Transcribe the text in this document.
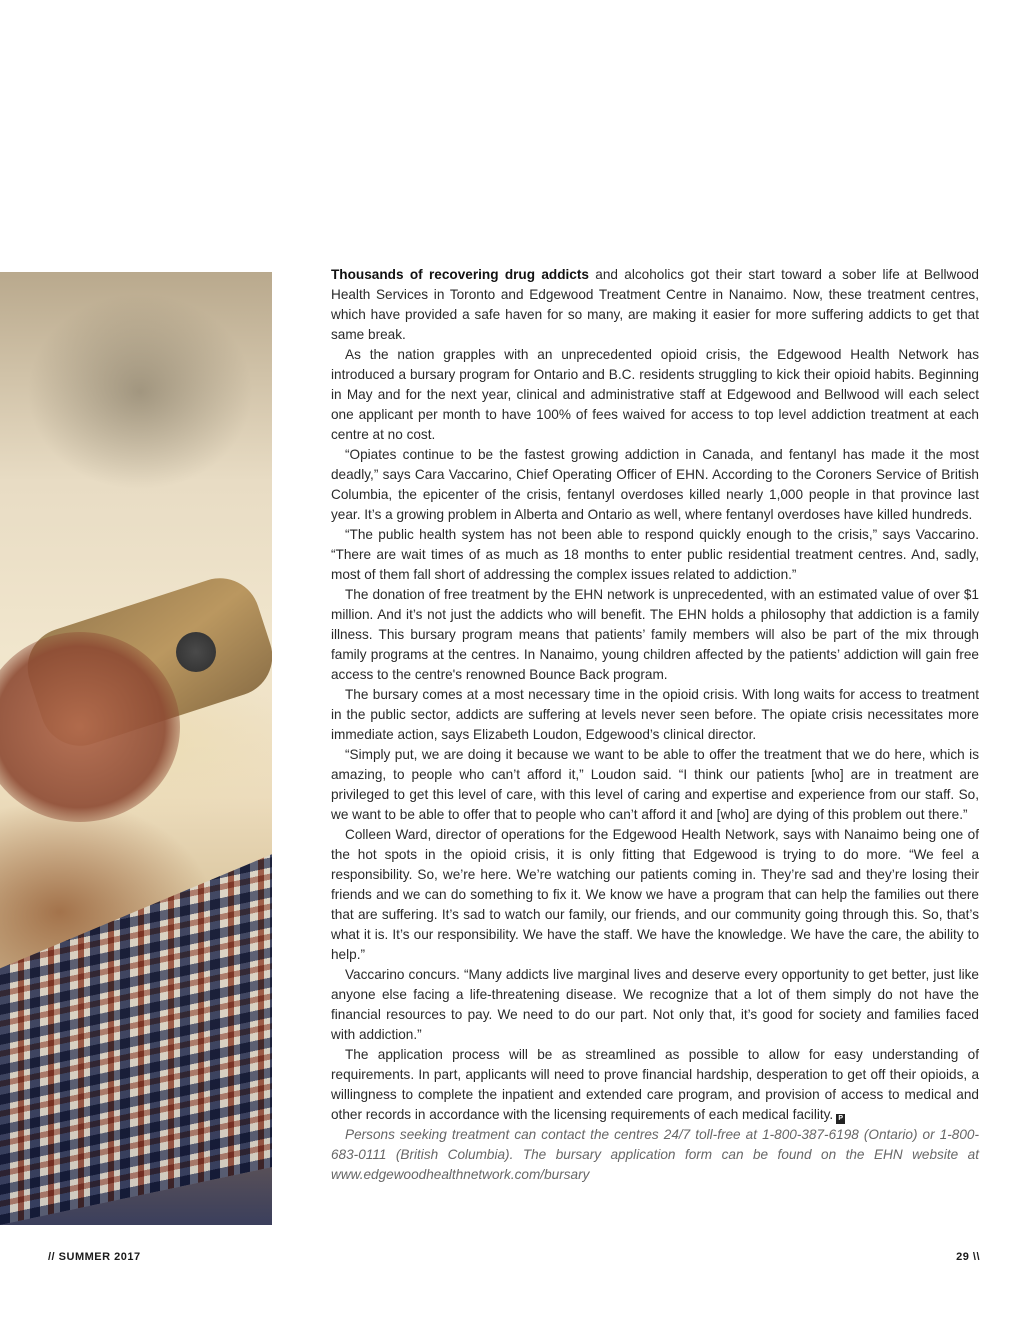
Thousands of recovering drug addicts and alcoholics got their start toward a sober life at Bellwood Health Services in Toronto and Edgewood Treatment Centre in Nanaimo. Now, these treatment centres, which have provided a safe haven for so many, are making it easier for more suffering addicts to get that same break.

As the nation grapples with an unprecedented opioid crisis, the Edgewood Health Network has introduced a bursary program for Ontario and B.C. residents struggling to kick their opioid habits. Beginning in May and for the next year, clinical and administrative staff at Edgewood and Bellwood will each select one applicant per month to have 100% of fees waived for access to top level addiction treatment at each centre at no cost.

“Opiates continue to be the fastest growing addiction in Canada, and fentanyl has made it the most deadly,” says Cara Vaccarino, Chief Operating Officer of EHN. According to the Coroners Service of British Columbia, the epicenter of the crisis, fentanyl overdoses killed nearly 1,000 people in that province last year. It’s a growing problem in Alberta and Ontario as well, where fentanyl overdoses have killed hundreds.

“The public health system has not been able to respond quickly enough to the crisis,” says Vaccarino. “There are wait times of as much as 18 months to enter public residential treatment centres. And, sadly, most of them fall short of addressing the complex issues related to addiction.”

The donation of free treatment by the EHN network is unprecedented, with an estimated value of over $1 million. And it’s not just the addicts who will benefit. The EHN holds a philosophy that addiction is a family illness. This bursary program means that patients’ family members will also be part of the mix through family programs at the centres. In Nanaimo, young children affected by the patients’ addiction will gain free access to the centre's renowned Bounce Back program.

The bursary comes at a most necessary time in the opioid crisis. With long waits for access to treatment in the public sector, addicts are suffering at levels never seen before. The opiate crisis necessitates more immediate action, says Elizabeth Loudon, Edgewood’s clinical director.

“Simply put, we are doing it because we want to be able to offer the treatment that we do here, which is amazing, to people who can’t afford it,” Loudon said. “I think our patients [who] are in treatment are privileged to get this level of care, with this level of caring and expertise and experience from our staff. So, we want to be able to offer that to people who can’t afford it and [who] are dying of this problem out there.”

Colleen Ward, director of operations for the Edgewood Health Network, says with Nanaimo being one of the hot spots in the opioid crisis, it is only fitting that Edgewood is trying to do more. “We feel a responsibility. So, we’re here. We’re watching our patients coming in. They’re sad and they’re losing their friends and we can do something to fix it. We know we have a program that can help the families out there that are suffering. It’s sad to watch our family, our friends, and our community going through this. So, that’s what it is. It’s our responsibility. We have the staff. We have the knowledge. We have the care, the ability to help.”

Vaccarino concurs. “Many addicts live marginal lives and deserve every opportunity to get better, just like anyone else facing a life-threatening disease. We recognize that a lot of them simply do not have the financial resources to pay. We need to do our part. Not only that, it’s good for society and families faced with addiction.”

The application process will be as streamlined as possible to allow for easy understanding of requirements. In part, applicants will need to prove financial hardship, desperation to get off their opioids, a willingness to complete the inpatient and extended care program, and provision of access to medical and other records in accordance with the licensing requirements of each medical facility. P

Persons seeking treatment can contact the centres 24/7 toll-free at 1-800-387-6198 (Ontario) or 1-800-683-0111 (British Columbia). The bursary application form can be found on the EHN website at www.edgewoodhealthnetwork.com/bursary

// SUMMER 2017	29 \\
